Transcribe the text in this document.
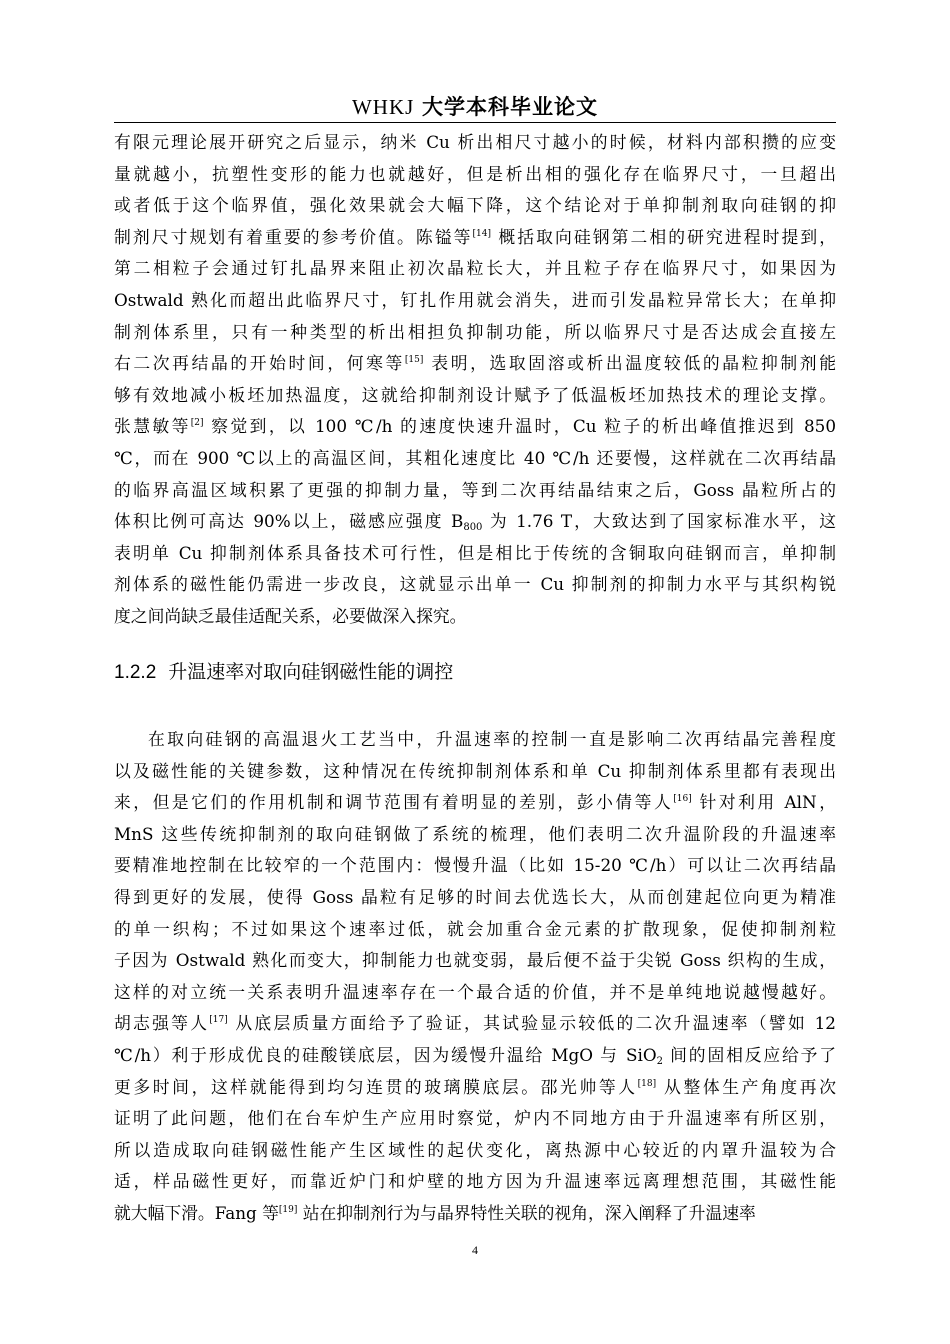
WHKJ 大学本科毕业论文
有限元理论展开研究之后显示，纳米 Cu 析出相尺寸越小的时候，材料内部积攒的应变
量就越小，抗塑性变形的能力也就越好，但是析出相的强化存在临界尺寸，一旦超出
或者低于这个临界值，强化效果就会大幅下降，这个结论对于单抑制剂取向硅钢的抑
制剂尺寸规划有着重要的参考价值。陈镒等[14] 概括取向硅钢第二相的研究进程时提到，
第二相粒子会通过钉扎晶界来阻止初次晶粒长大，并且粒子存在临界尺寸，如果因为
Ostwald 熟化而超出此临界尺寸，钉扎作用就会消失，进而引发晶粒异常长大；在单抑
制剂体系里，只有一种类型的析出相担负抑制功能，所以临界尺寸是否达成会直接左
右二次再结晶的开始时间，何寒等[15] 表明，选取固溶或析出温度较低的晶粒抑制剂能
够有效地减小板坯加热温度，这就给抑制剂设计赋予了低温板坯加热技术的理论支撑。
张慧敏等[2] 察觉到，以 100 ℃/h 的速度快速升温时，Cu 粒子的析出峰值推迟到 850
℃，而在 900 ℃以上的高温区间，其粗化速度比 40 ℃/h 还要慢，这样就在二次再结晶
的临界高温区域积累了更强的抑制力量，等到二次再结晶结束之后，Goss 晶粒所占的
体积比例可高达 90%以上，磁感应强度 $B_{800}$ 为 1.76 T，大致达到了国家标准水平，这
表明单 Cu 抑制剂体系具备技术可行性，但是相比于传统的含铜取向硅钢而言，单抑制
剂体系的磁性能仍需进一步改良，这就显示出单一 Cu 抑制剂的抑制力水平与其织构锐
度之间尚缺乏最佳适配关系，必要做深入探究。
1.2.2 升温速率对取向硅钢磁性能的调控
在取向硅钢的高温退火工艺当中，升温速率的控制一直是影响二次再结晶完善程度
以及磁性能的关键参数，这种情况在传统抑制剂体系和单 Cu 抑制剂体系里都有表现出
来，但是它们的作用机制和调节范围有着明显的差别，彭小倩等人[16] 针对利用 AlN，
MnS 这些传统抑制剂的取向硅钢做了系统的梳理，他们表明二次升温阶段的升温速率
要精准地控制在比较窄的一个范围内：慢慢升温（比如 15-20 ℃/h）可以让二次再结晶
得到更好的发展，使得 Goss 晶粒有足够的时间去优选长大，从而创建起位向更为精准
的单一织构；不过如果这个速率过低，就会加重合金元素的扩散现象，促使抑制剂粒
子因为 Ostwald 熟化而变大，抑制能力也就变弱，最后便不益于尖锐 Goss 织构的生成，
这样的对立统一关系表明升温速率存在一个最合适的价值，并不是单纯地说越慢越好。
胡志强等人[17] 从底层质量方面给予了验证，其试验显示较低的二次升温速率（譬如 12
℃/h）利于形成优良的硅酸镁底层，因为缓慢升温给 MgO 与 SiO$_2$ 间的固相反应给予了
更多时间，这样就能得到均匀连贯的玻璃膜底层。邵光帅等人[18] 从整体生产角度再次
证明了此问题，他们在台车炉生产应用时察觉，炉内不同地方由于升温速率有所区别，
所以造成取向硅钢磁性能产生区域性的起伏变化，离热源中心较近的内罩升温较为合
适，样品磁性更好，而靠近炉门和炉壁的地方因为升温速率远离理想范围，其磁性能
就大幅下滑。Fang 等[19] 站在抑制剂行为与晶界特性关联的视角，深入阐释了升温速率
4
